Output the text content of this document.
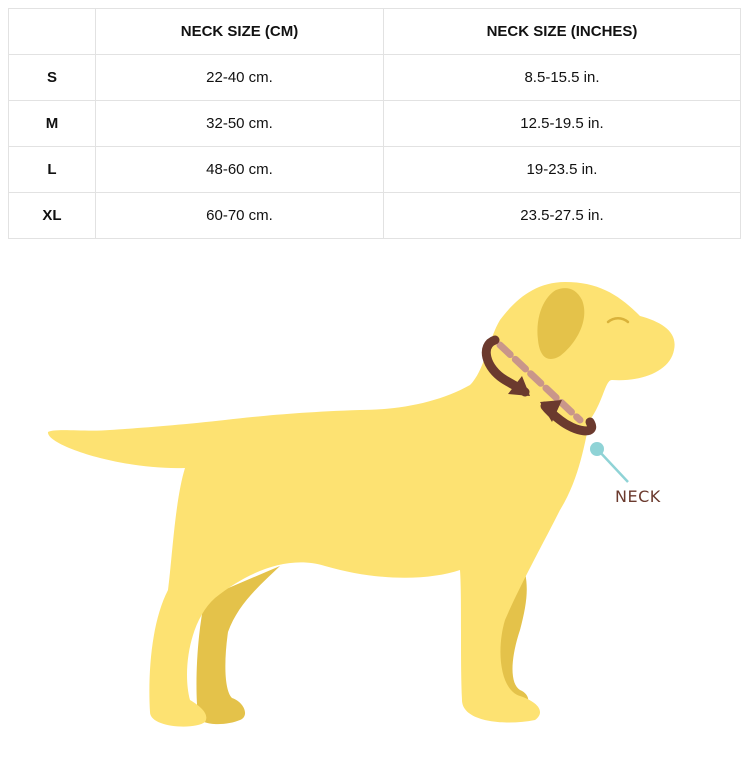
	NECK SIZE (CM)	NECK SIZE (INCHES)
S	22-40 cm.	8.5-15.5 in.
M	32-50 cm.	12.5-19.5 in.
L	48-60 cm.	19-23.5 in.
XL	60-70 cm.	23.5-27.5 in.
NECK
